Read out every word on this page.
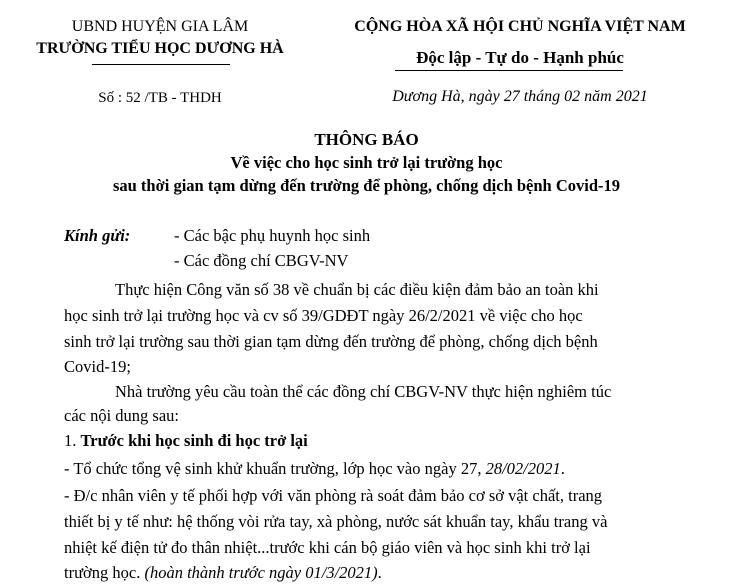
UBND HUYỆN GIA LÂM
TRƯỜNG TIỂU HỌC DƯƠNG HÀ
Số : 52 /TB - THDH
CỘNG HÒA XÃ HỘI CHỦ NGHĨA VIỆT NAM
Độc lập - Tự do - Hạnh phúc
Dương Hà, ngày 27 tháng 02 năm 2021
THÔNG BÁO
Về việc cho học sinh trở lại trường học
sau thời gian tạm dừng đến trường để phòng, chống dịch bệnh Covid-19
Kính gửi:	- Các bậc phụ huynh học sinh
- Các đồng chí CBGV-NV
Thực hiện Công văn số 38 về chuẩn bị các điều kiện đảm bảo an toàn khi
học sinh trở lại trường học và cv số 39/GDĐT ngày 26/2/2021 về việc cho học
sinh trở lại trường sau thời gian tạm dừng đến trường để phòng, chống dịch bệnh
Covid-19;
Nhà trường yêu cầu toàn thể các đồng chí CBGV-NV thực hiện nghiêm túc
các nội dung sau:
1. Trước khi học sinh đi học trở lại
- Tổ chức tổng vệ sinh khử khuẩn trường, lớp học vào ngày 27, 28/02/2021.
- Đ/c nhân viên y tế phối hợp với văn phòng rà soát đảm bảo cơ sở vật chất, trang
thiết bị y tế như: hệ thống vòi rửa tay, xà phòng, nước sát khuẩn tay, khẩu trang và
nhiệt kế điện tử đo thân nhiệt...trước khi cán bộ giáo viên và học sinh khi trở lại
trường học. (hoàn thành trước ngày 01/3/2021).
